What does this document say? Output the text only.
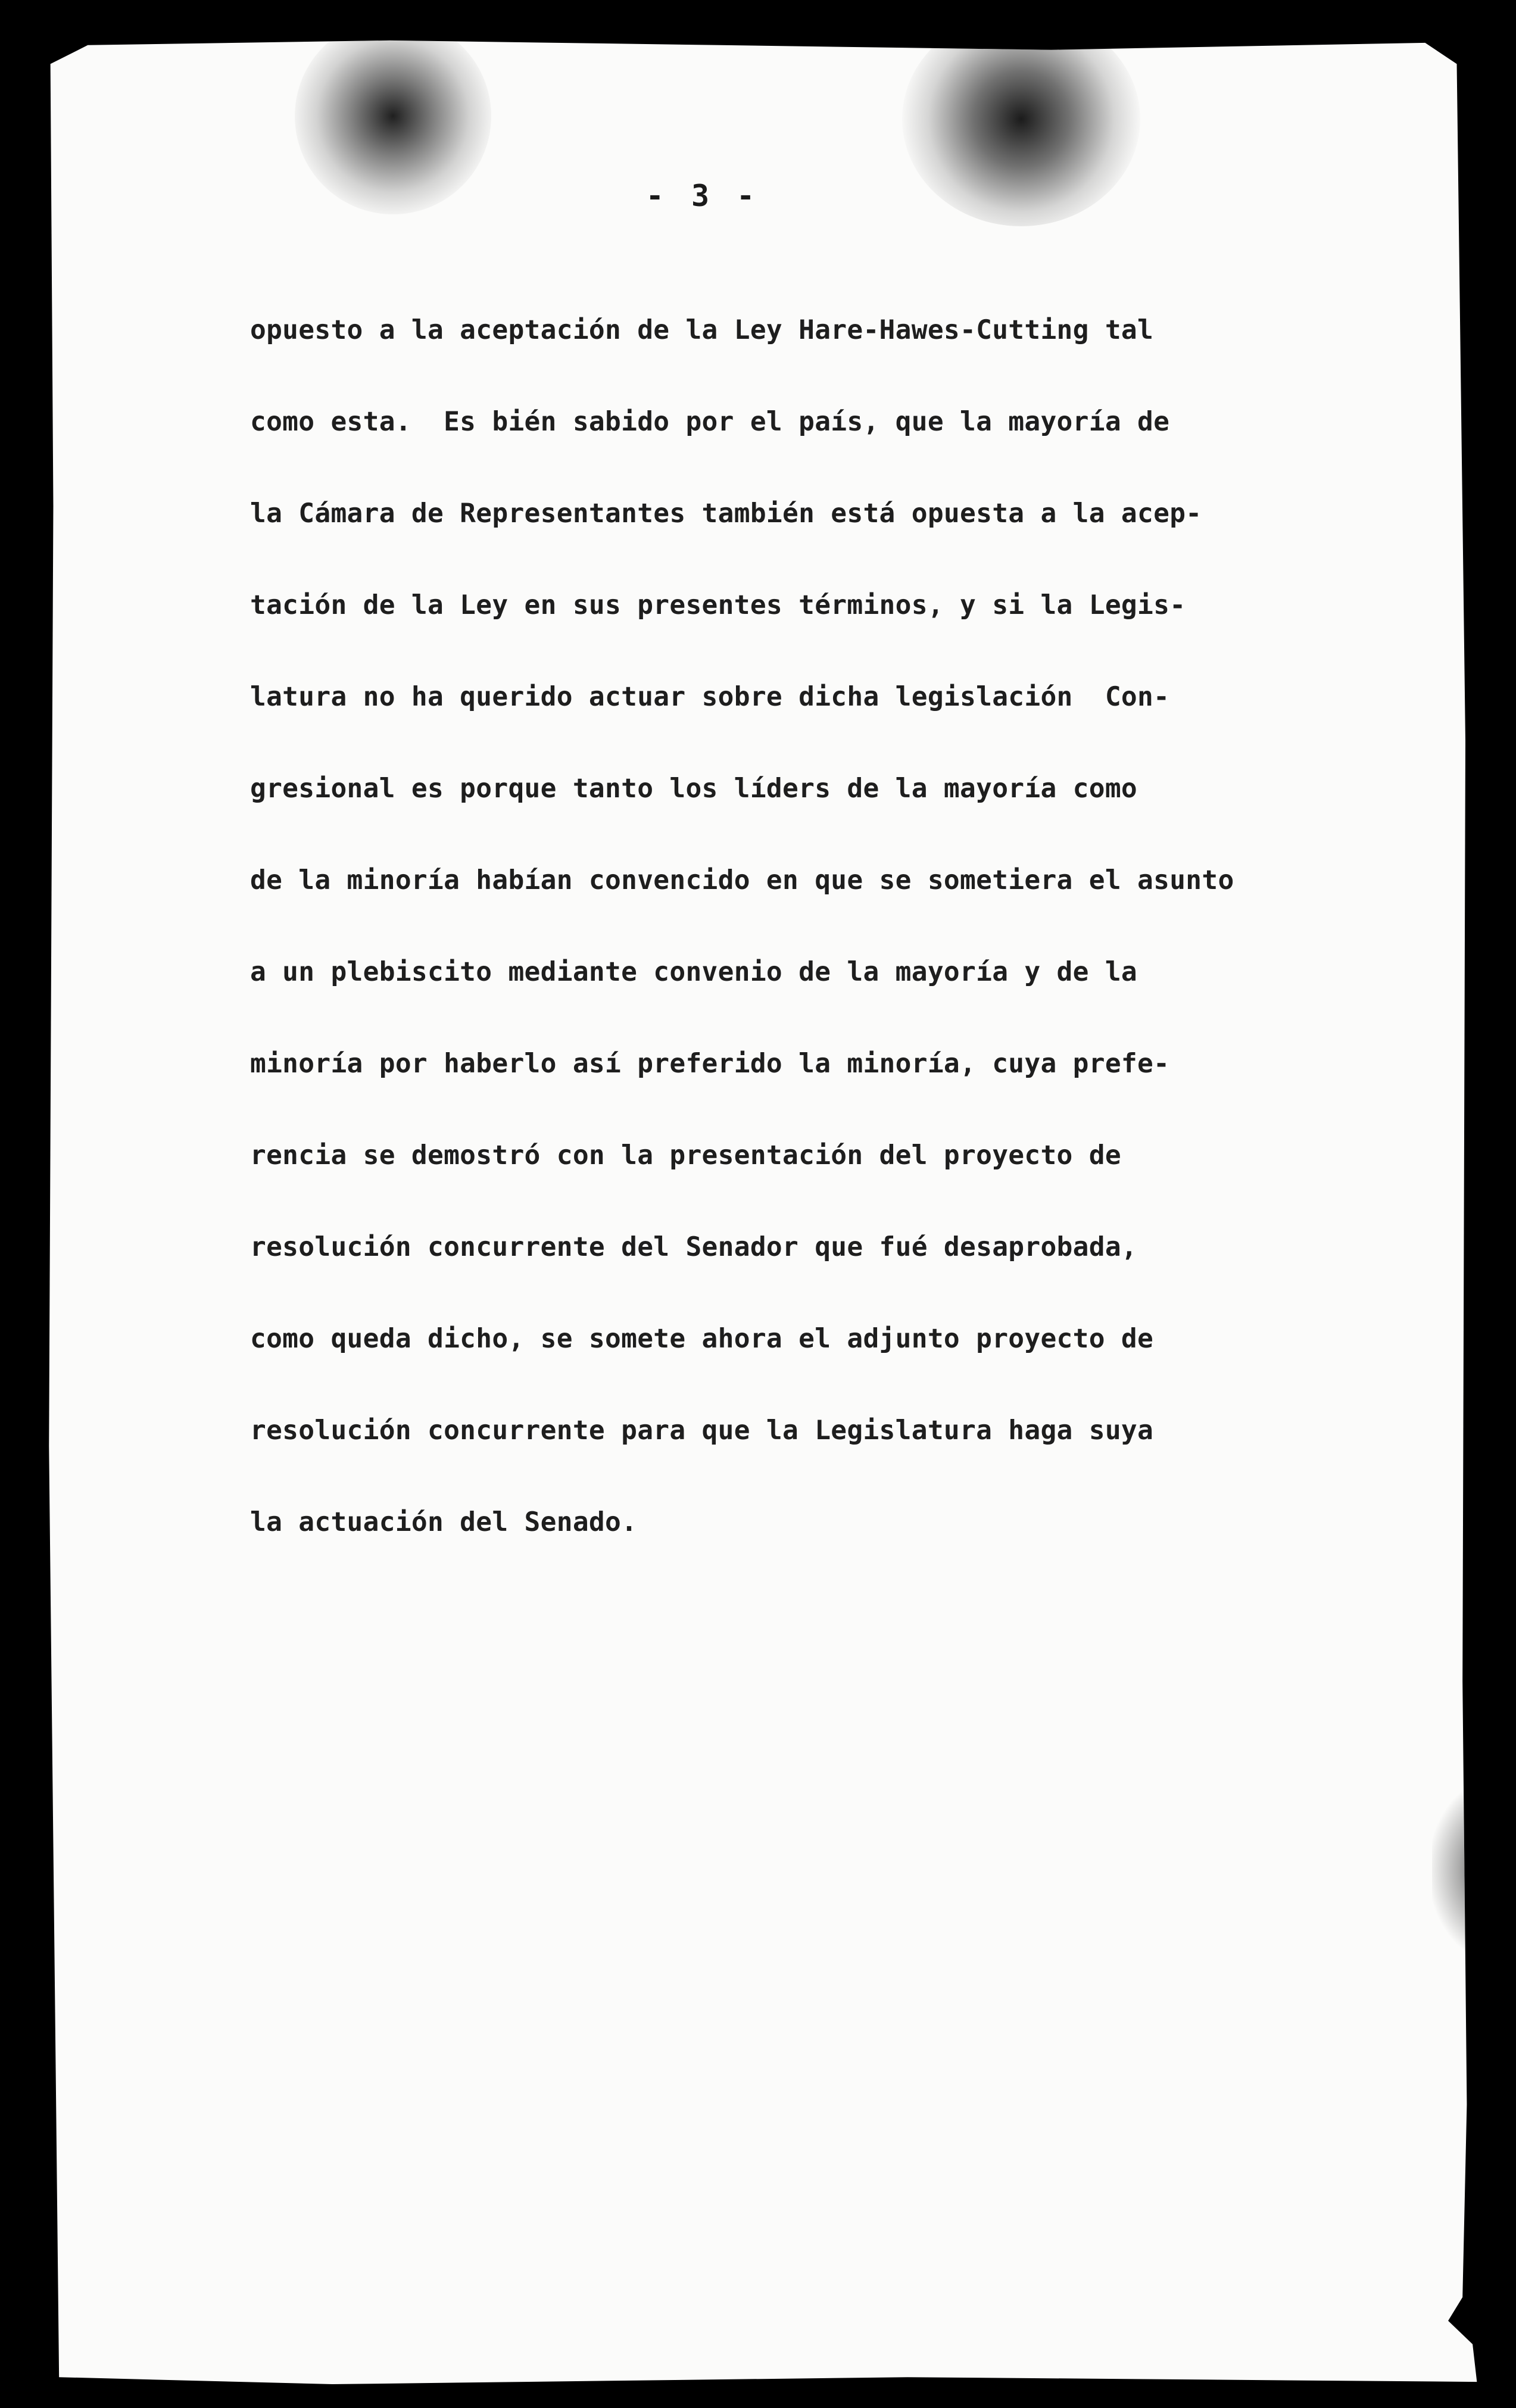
- 3 -

opuesto a la aceptación de la Ley Hare-Hawes-Cutting tal
como esta.  Es bién sabido por el país, que la mayoría de
la Cámara de Representantes también está opuesta a la acep-
tación de la Ley en sus presentes términos, y si la Legis-
latura no ha querido actuar sobre dicha legislación  Con-
gresional es porque tanto los líders de la mayoría como
de la minoría habían convencido en que se sometiera el asunto
a un plebiscito mediante convenio de la mayoría y de la
minoría por haberlo así preferido la minoría, cuya prefe-
rencia se demostró con la presentación del proyecto de
resolución concurrente del Senador que fué desaprobada,
como queda dicho, se somete ahora el adjunto proyecto de
resolución concurrente para que la Legislatura haga suya
la actuación del Senado.
